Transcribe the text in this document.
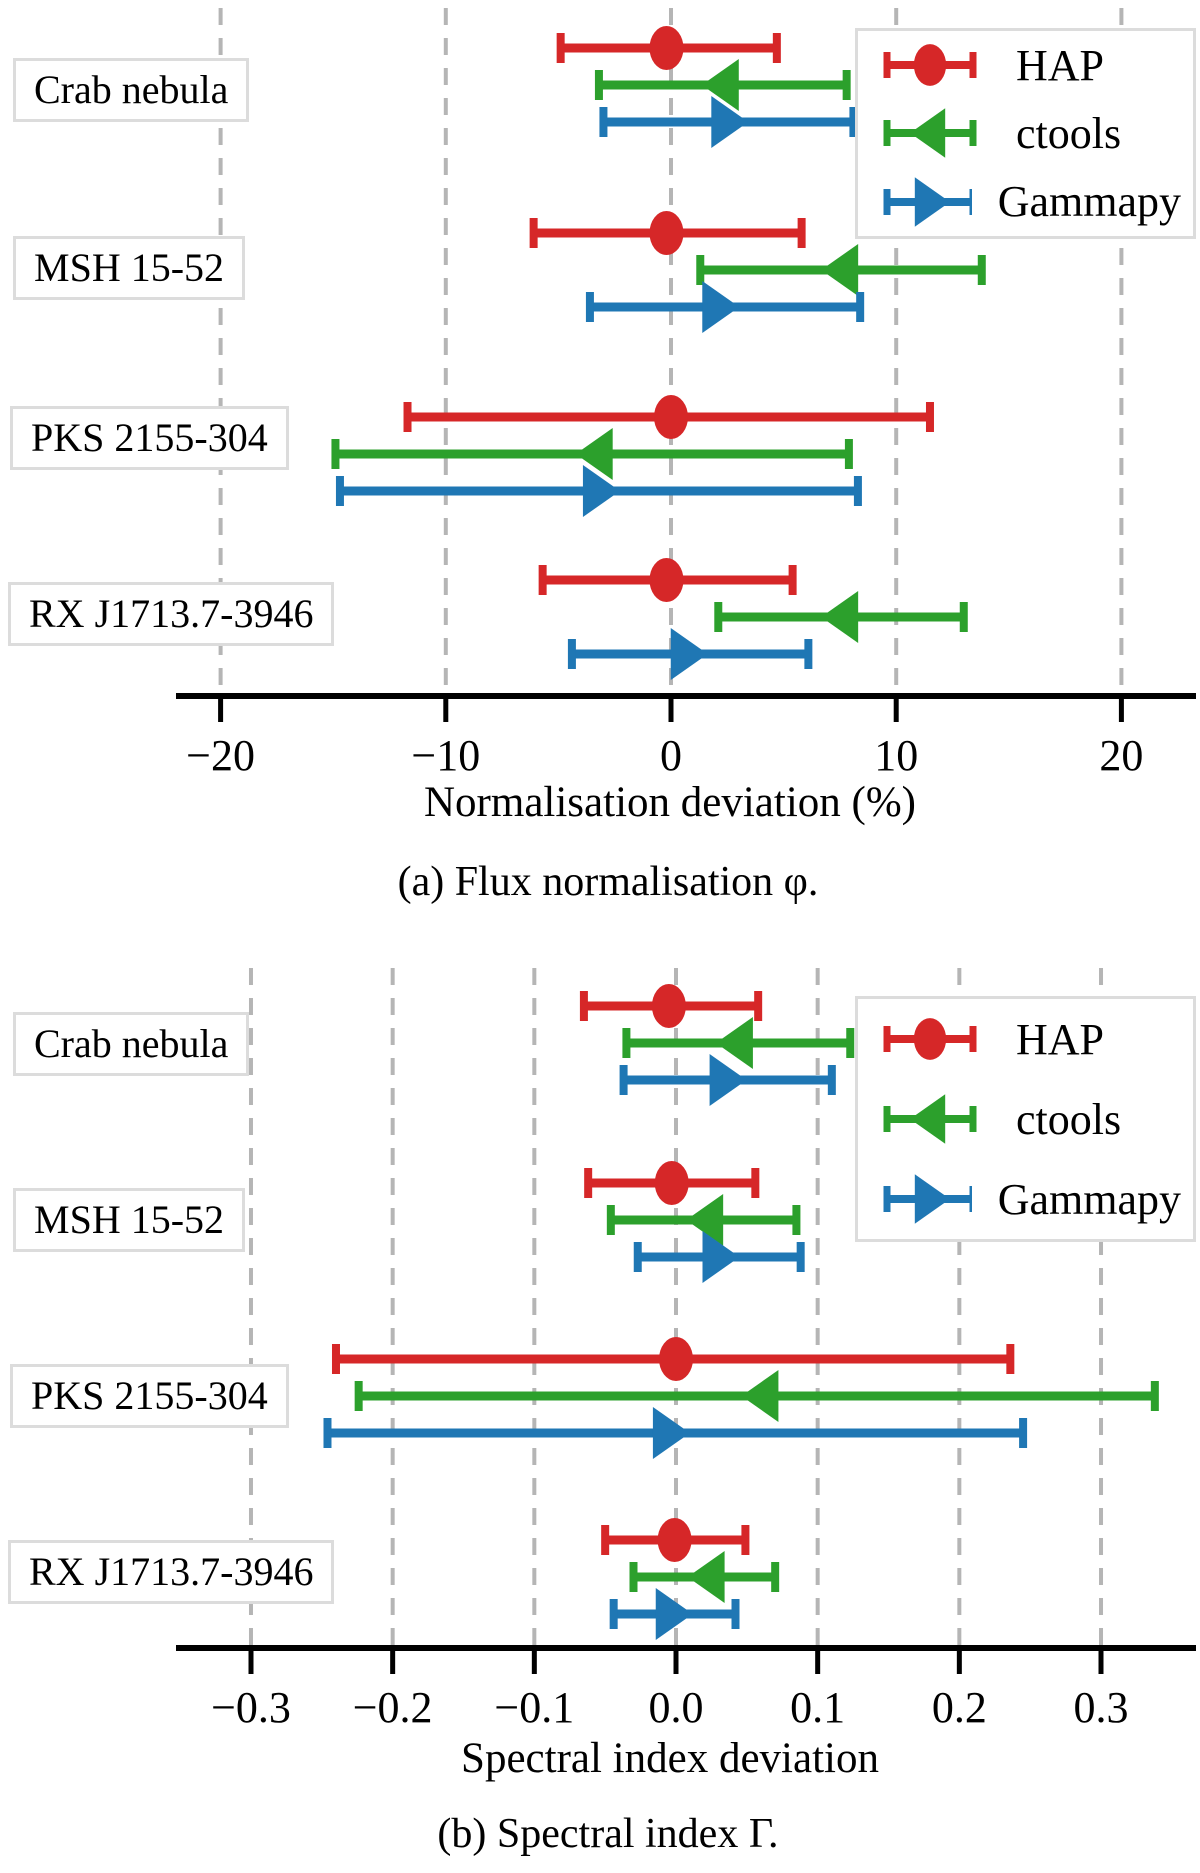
Crab nebula
MSH 15-52
PKS 2155-304
RX J1713.7-3946
HAP
ctools
Gammapy
−20	−10	0	10	20
Normalisation deviation (%)
(a) Flux normalisation φ.
Crab nebula
MSH 15-52
PKS 2155-304
RX J1713.7-3946
HAP
ctools
Gammapy
−0.3 −0.2 −0.1 0.0 0.1 0.2 0.3
Spectral index deviation
(b) Spectral index Γ.
